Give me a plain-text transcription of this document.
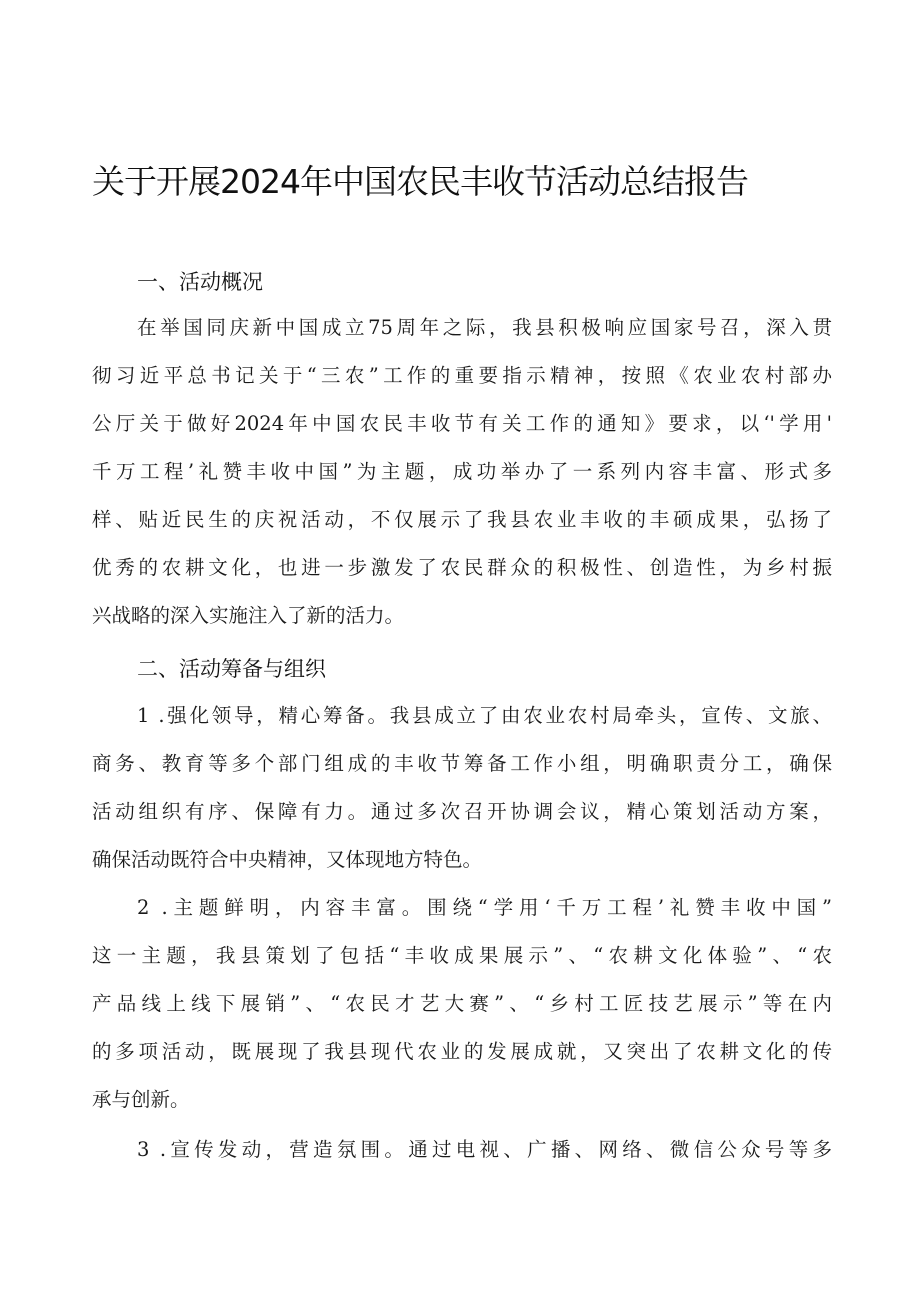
关于开展2024年中国农民丰收节活动总结报告
一、活动概况
在举国同庆新中国成立75周年之际，我县积极响应国家号召，深入贯
彻习近平总书记关于“三农”工作的重要指示精神，按照《农业农村部办
公厅关于做好2024年中国农民丰收节有关工作的通知》要求，以‘'学用'
千万工程’礼赞丰收中国”为主题，成功举办了一系列内容丰富、形式多
样、贴近民生的庆祝活动，不仅展示了我县农业丰收的丰硕成果，弘扬了
优秀的农耕文化，也进一步激发了农民群众的积极性、创造性，为乡村振
兴战略的深入实施注入了新的活力。
二、活动筹备与组织
1 .强化领导，精心筹备。我县成立了由农业农村局牵头，宣传、文旅、
商务、教育等多个部门组成的丰收节筹备工作小组，明确职责分工，确保
活动组织有序、保障有力。通过多次召开协调会议，精心策划活动方案，
确保活动既符合中央精神，又体现地方特色。
2 .主题鲜明，内容丰富。围绕“学用‘千万工程’礼赞丰收中国”
这一主题，我县策划了包括“丰收成果展示”、“农耕文化体验”、“农
产品线上线下展销”、“农民才艺大赛”、“乡村工匠技艺展示”等在内
的多项活动，既展现了我县现代农业的发展成就，又突出了农耕文化的传
承与创新。
3 .宣传发动，营造氛围。通过电视、广播、网络、微信公众号等多
